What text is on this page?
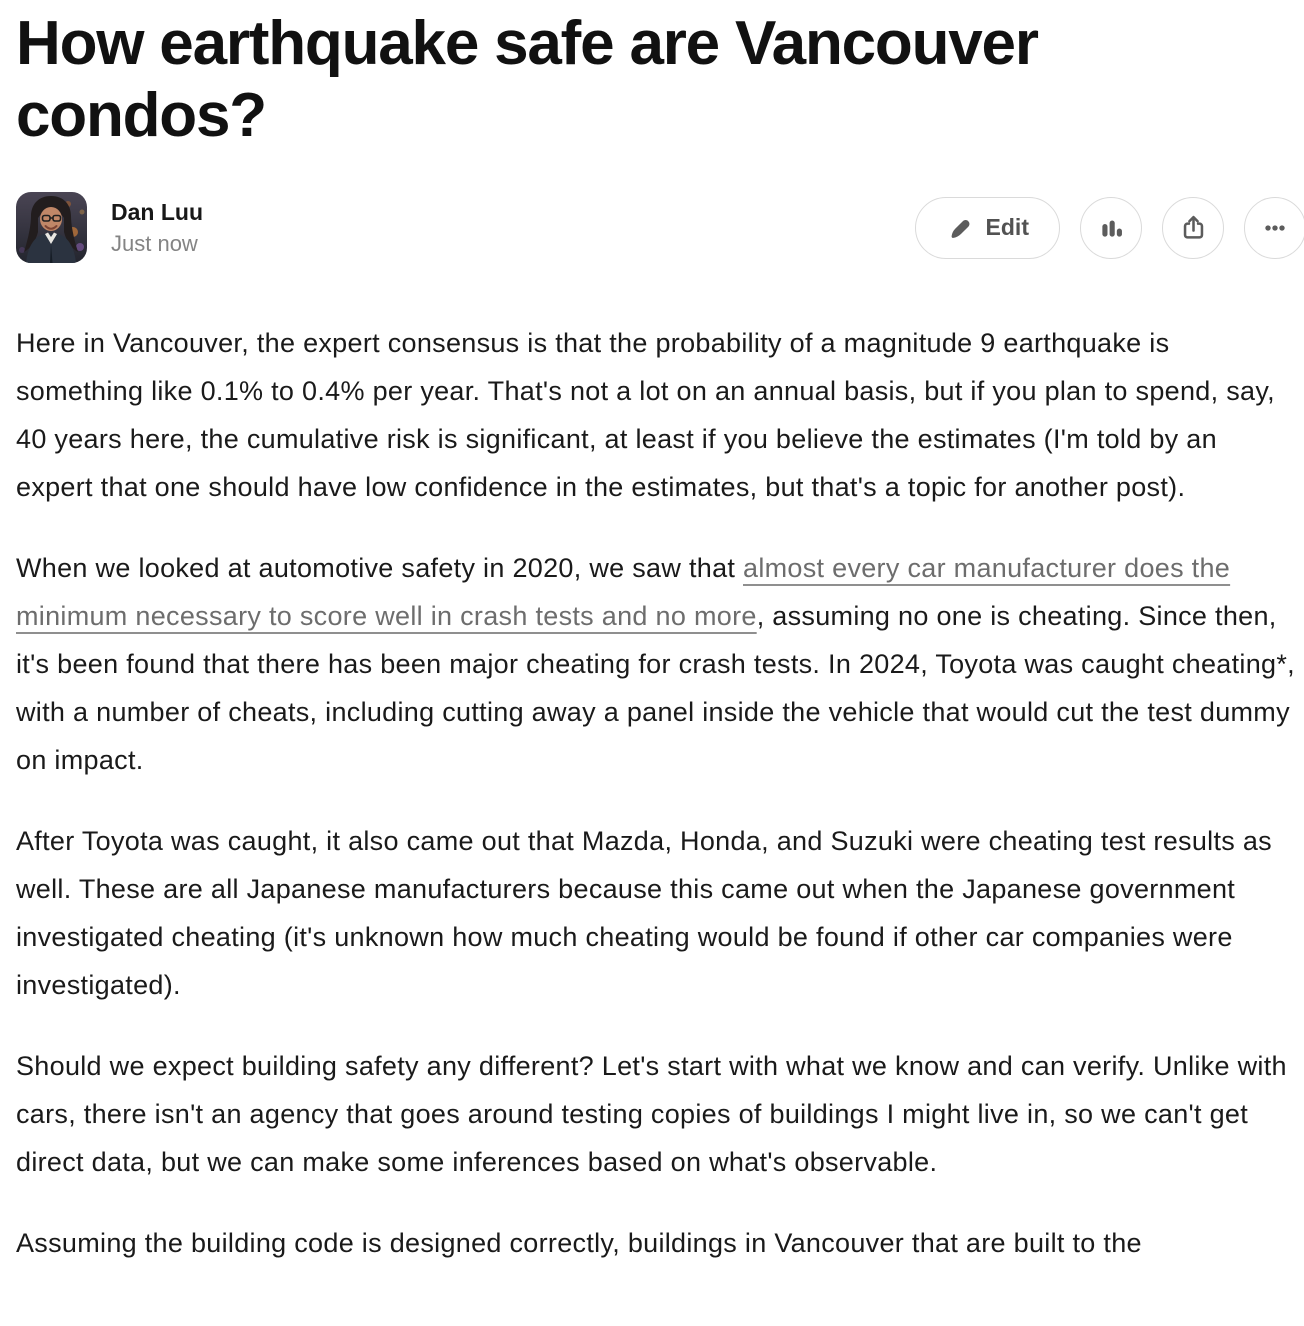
How earthquake safe are Vancouver condos?
Dan Luu
Just now
Edit

Here in Vancouver, the expert consensus is that the probability of a magnitude 9 earthquake is something like 0.1% to 0.4% per year. That's not a lot on an annual basis, but if you plan to spend, say, 40 years here, the cumulative risk is significant, at least if you believe the estimates (I'm told by an expert that one should have low confidence in the estimates, but that's a topic for another post).

When we looked at automotive safety in 2020, we saw that almost every car manufacturer does the minimum necessary to score well in crash tests and no more, assuming no one is cheating. Since then, it's been found that there has been major cheating for crash tests. In 2024, Toyota was caught cheating*, with a number of cheats, including cutting away a panel inside the vehicle that would cut the test dummy on impact.

After Toyota was caught, it also came out that Mazda, Honda, and Suzuki were cheating test results as well. These are all Japanese manufacturers because this came out when the Japanese government investigated cheating (it's unknown how much cheating would be found if other car companies were investigated).

Should we expect building safety any different? Let's start with what we know and can verify. Unlike with cars, there isn't an agency that goes around testing copies of buildings I might live in, so we can't get direct data, but we can make some inferences based on what's observable.

Assuming the building code is designed correctly, buildings in Vancouver that are built to the
